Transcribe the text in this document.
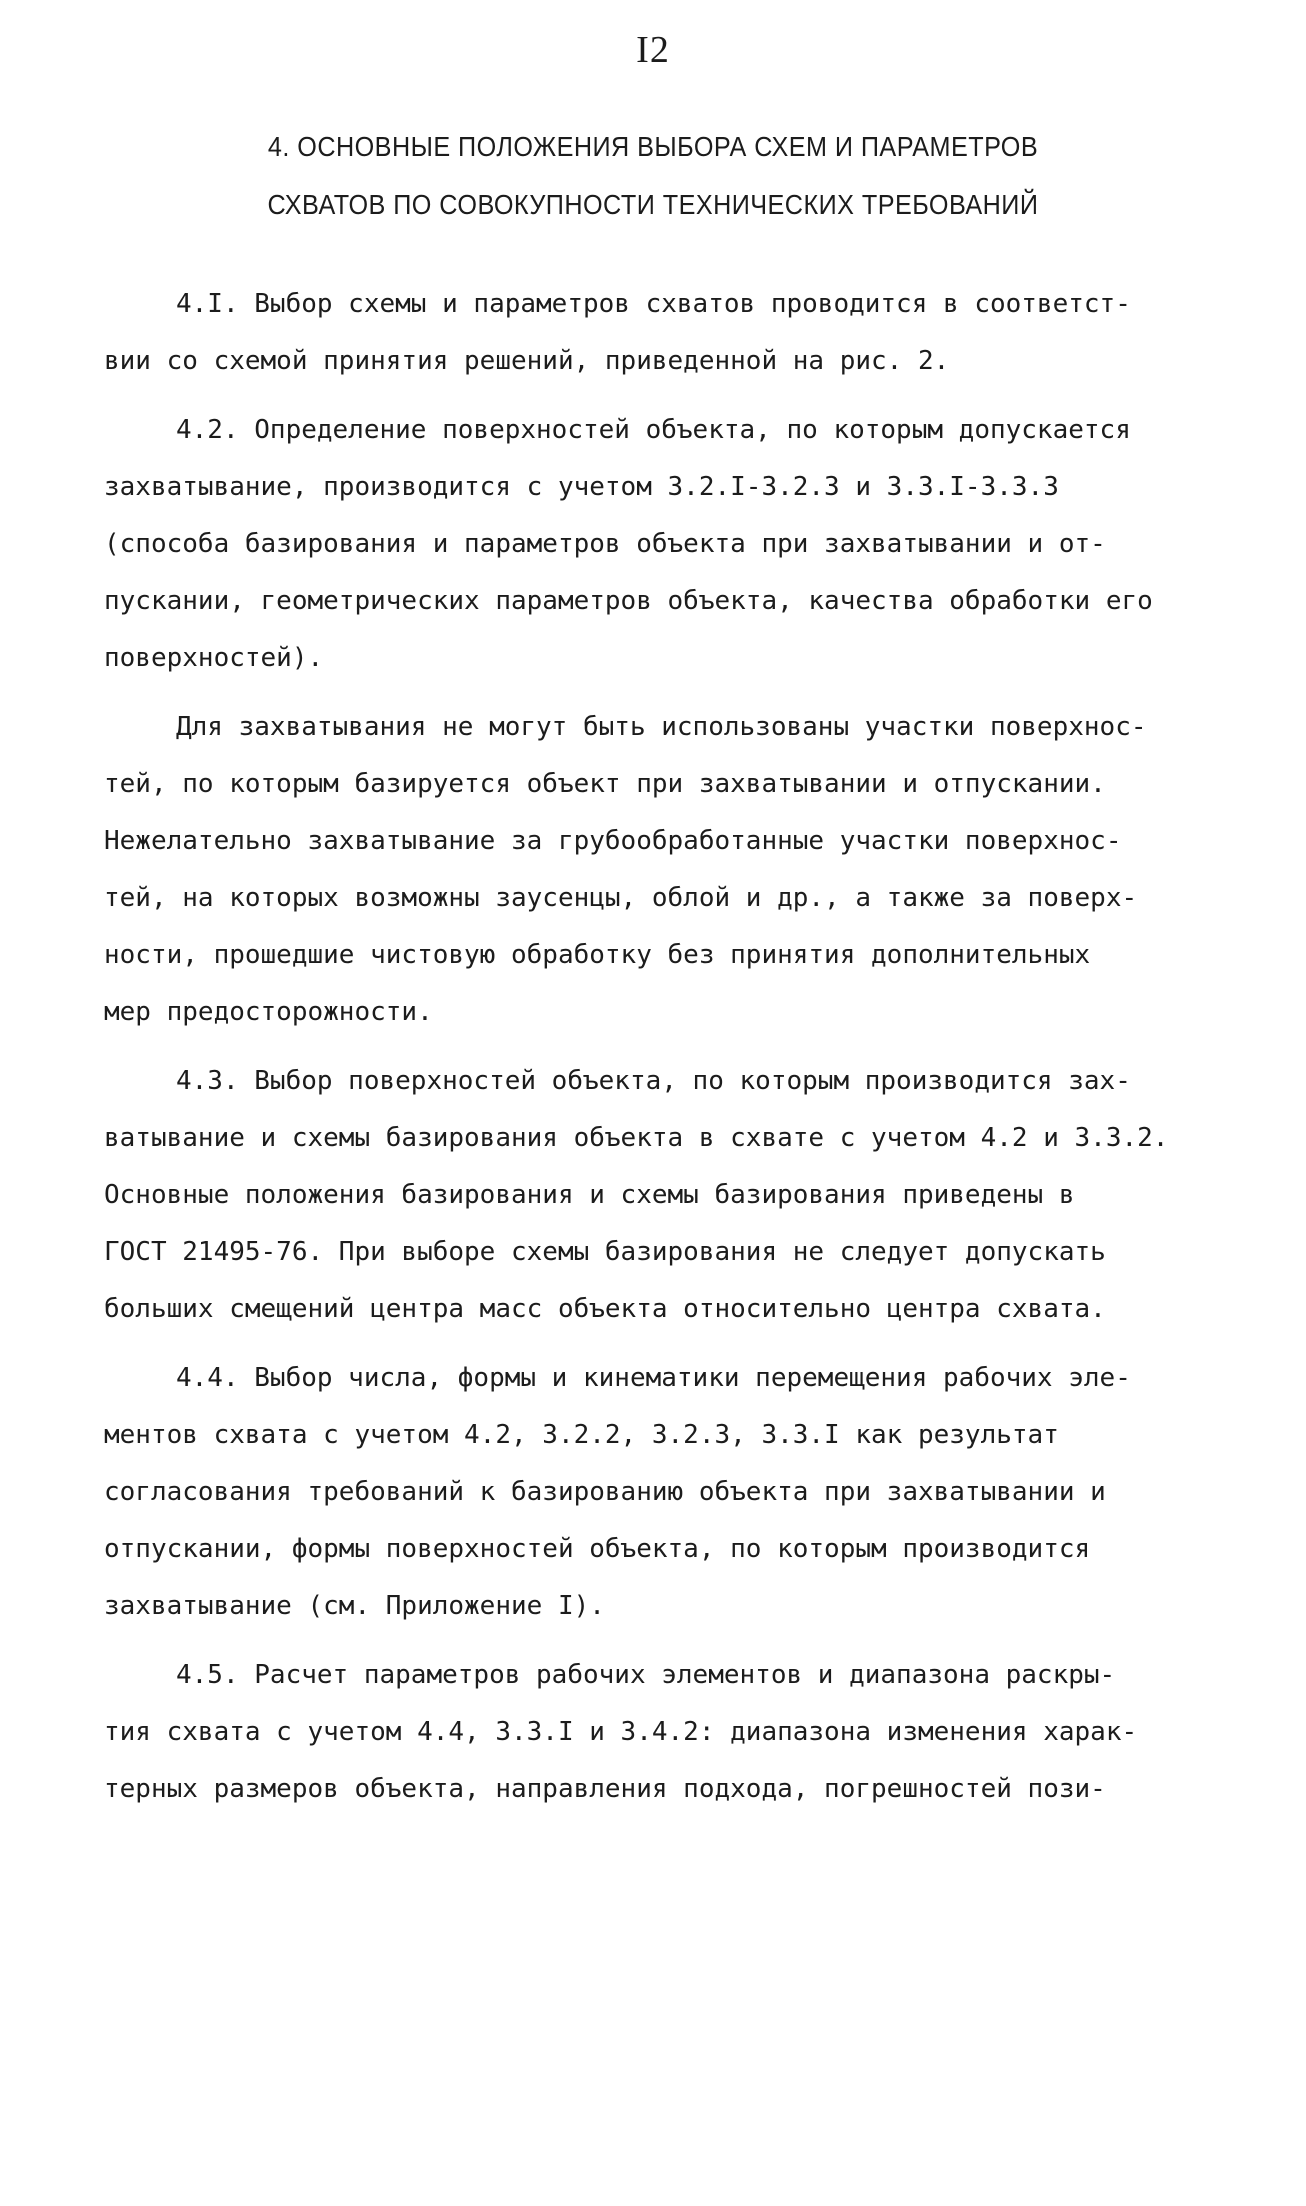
I2
4. ОСНОВНЫЕ ПОЛОЖЕНИЯ ВЫБОРА СХЕМ И ПАРАМЕТРОВ
СХВАТОВ ПО СОВОКУПНОСТИ ТЕХНИЧЕСКИХ ТРЕБОВАНИЙ
4.I. Выбор схемы и параметров схватов проводится в соответст-
вии со схемой принятия решений, приведенной на рис. 2.
4.2. Определение поверхностей объекта, по которым допускается
захватывание, производится с учетом 3.2.I-3.2.3 и 3.3.I-3.3.3
(способа базирования и параметров объекта при захватывании и от-
пускании, геометрических параметров объекта, качества обработки его
поверхностей).
Для захватывания не могут быть использованы участки поверхнос-
тей, по которым базируется объект при захватывании и отпускании.
Нежелательно захватывание за грубообработанные участки поверхнос-
тей, на которых возможны заусенцы, облой и др., а также за поверх-
ности, прошедшие чистовую обработку без принятия дополнительных
мер предосторожности.
4.3. Выбор поверхностей объекта, по которым производится зах-
ватывание и схемы базирования объекта в схвате с учетом 4.2 и 3.3.2.
Основные положения базирования и схемы базирования приведены в
ГОСТ 21495-76. При выборе схемы базирования не следует допускать
больших смещений центра масс объекта относительно центра схвата.
4.4. Выбор числа, формы и кинематики перемещения рабочих эле-
ментов схвата с учетом 4.2, 3.2.2, 3.2.3, 3.3.I как результат
согласования требований к базированию объекта при захватывании и
отпускании, формы поверхностей объекта, по которым производится
захватывание (см. Приложение I).
4.5. Расчет параметров рабочих элементов и диапазона раскры-
тия схвата с учетом 4.4, 3.3.I и 3.4.2: диапазона изменения харак-
терных размеров объекта, направления подхода, погрешностей пози-
